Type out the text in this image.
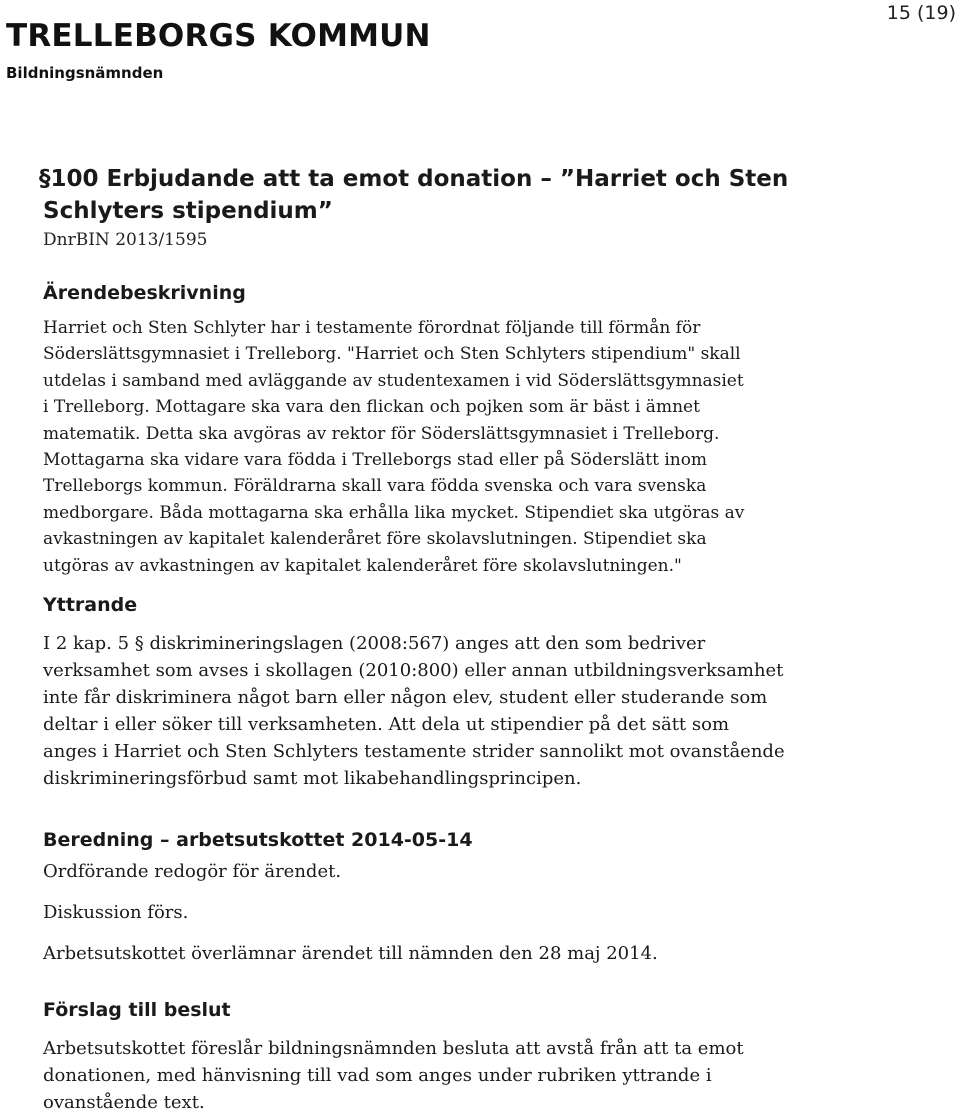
TRELLEBORGS KOMMUN
Bildningsnämnden
15 (19)
§100 Erbjudande att ta emot donation – ”Harriet och Sten
Schlyters stipendium”
DnrBIN 2013/1595
Ärendebeskrivning
Harriet och Sten Schlyter har i testamente förordnat följande till förmån för
Söderslättsgymnasiet i Trelleborg. "Harriet och Sten Schlyters stipendium" skall
utdelas i samband med avläggande av studentexamen i vid Söderslättsgymnasiet
i Trelleborg. Mottagare ska vara den flickan och pojken som är bäst i ämnet
matematik. Detta ska avgöras av rektor för Söderslättsgymnasiet i Trelleborg.
Mottagarna ska vidare vara födda i Trelleborgs stad eller på Söderslätt inom
Trelleborgs kommun. Föräldrarna skall vara födda svenska och vara svenska
medborgare. Båda mottagarna ska erhålla lika mycket. Stipendiet ska utgöras av
avkastningen av kapitalet kalenderåret före skolavslutningen. Stipendiet ska
utgöras av avkastningen av kapitalet kalenderåret före skolavslutningen."
Yttrande
I 2 kap. 5 § diskrimineringslagen (2008:567) anges att den som bedriver
verksamhet som avses i skollagen (2010:800) eller annan utbildningsverksamhet
inte får diskriminera något barn eller någon elev, student eller studerande som
deltar i eller söker till verksamheten. Att dela ut stipendier på det sätt som
anges i Harriet och Sten Schlyters testamente strider sannolikt mot ovanstående
diskrimineringsförbud samt mot likabehandlingsprincipen.
Beredning – arbetsutskottet 2014-05-14
Ordförande redogör för ärendet.
Diskussion förs.
Arbetsutskottet överlämnar ärendet till nämnden den 28 maj 2014.
Förslag till beslut
Arbetsutskottet föreslår bildningsnämnden besluta att avstå från att ta emot
donationen, med hänvisning till vad som anges under rubriken yttrande i
ovanstående text.
